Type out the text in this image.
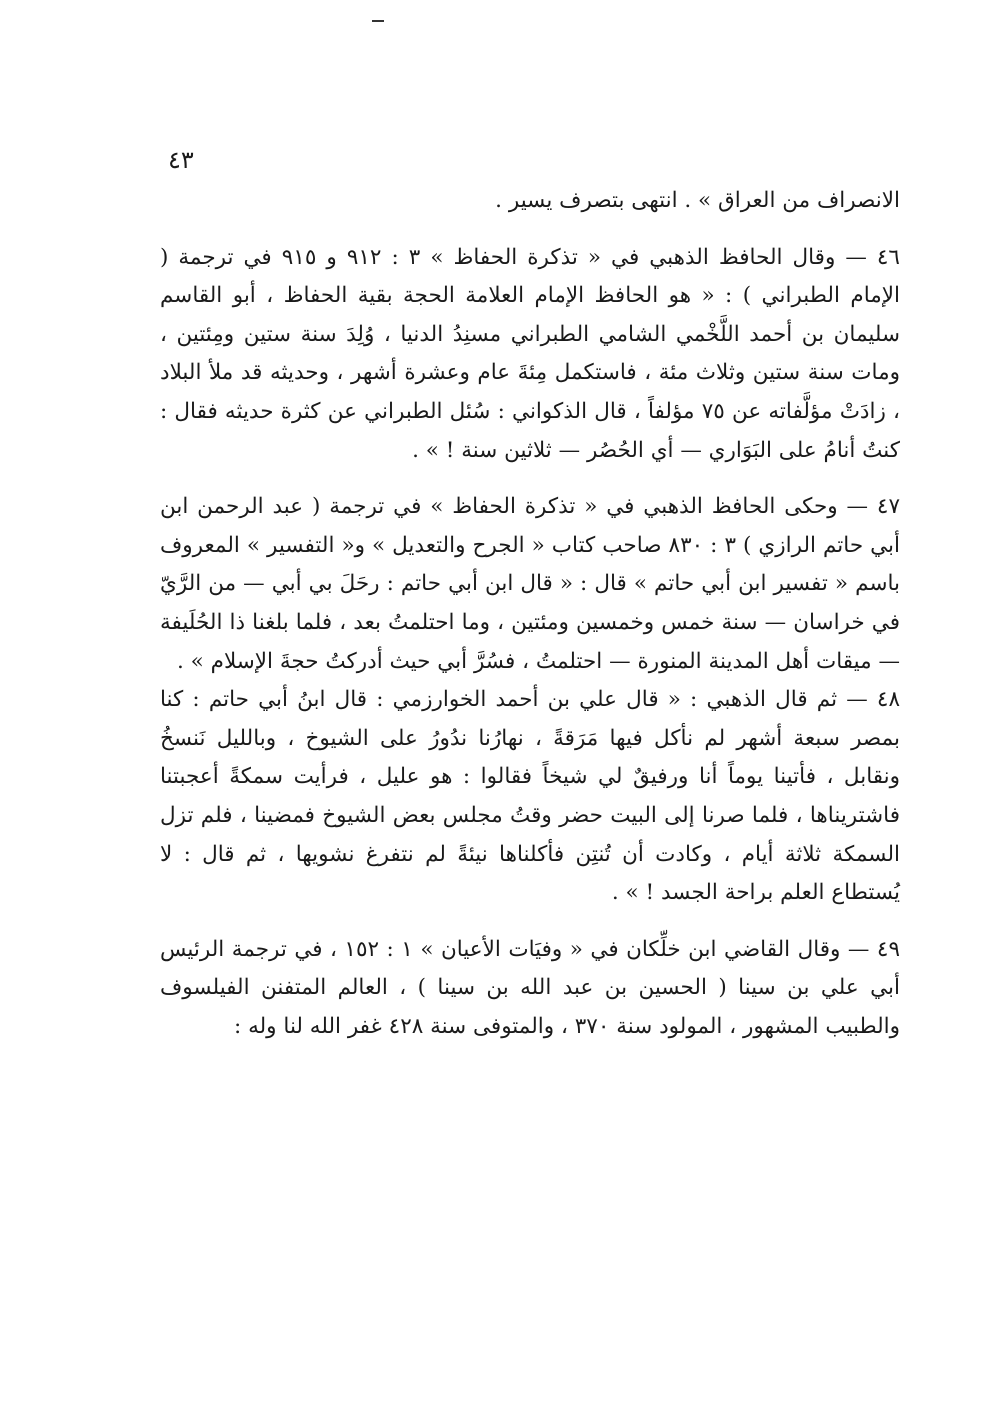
٤٣

الانصراف من العراق » . انتهى بتصرف يسير .

٤٦ — وقال الحافظ الذهبي في « تذكرة الحفاظ » ٣ : ٩١٢ و ٩١٥ في ترجمة ( الإمام الطبراني ) : « هو الحافظ الإمام العلامة الحجة بقية الحفاظ ، أبو القاسم سليمان بن أحمد اللَّخْمي الشامي الطبراني مسنِدُ الدنيا ، وُلِدَ سنة ستين ومِئتين ، ومات سنة ستين وثلاث مئة ، فاستكمل مِئةَ عام وعشرة أشهر ، وحديثه قد ملأ البلاد ، زادَتْ مؤلَّفاته عن ٧٥ مؤلفاً ، قال الذكواني : سُئل الطبراني عن كثرة حديثه فقال : كنتُ أنامُ على البَوَاري — أي الحُصُر — ثلاثين سنة ! » .

٤٧ — وحكى الحافظ الذهبي في « تذكرة الحفاظ » في ترجمة ( عبد الرحمن ابن أبي حاتم الرازي ) ٣ : ٨٣٠ صاحب كتاب « الجرح والتعديل » و« التفسير » المعروف باسم « تفسير ابن أبي حاتم » قال : « قال ابن أبي حاتم : رحَلَ بي أبي — من الرَّيّ في خراسان — سنة خمس وخمسين ومئتين ، وما احتلمتُ بعد ، فلما بلغنا ذا الحُلَيفة — ميقات أهل المدينة المنورة — احتلمتُ ، فسُرَّ أبي حيث أدركتُ حجةَ الإسلام » .

٤٨ — ثم قال الذهبي : « قال علي بن أحمد الخوارزمي : قال ابنُ أبي حاتم : كنا بمصر سبعة أشهر لم نأكل فيها مَرَقةً ، نهارُنا ندُورُ على الشيوخ ، وبالليل نَنسخُ ونقابل ، فأتينا يوماً أنا ورفيقٌ لي شيخاً فقالوا : هو عليل ، فرأيت سمكةً أعجبتنا فاشتريناها ، فلما صرنا إلى البيت حضر وقتُ مجلس بعض الشيوخ فمضينا ، فلم تزل السمكة ثلاثة أيام ، وكادت أن تُنتِن فأكلناها نيئةً لم نتفرغ نشويها ، ثم قال : لا يُستطاع العلم براحة الجسد ! » .

٤٩ — وقال القاضي ابن خلِّكان في « وفيَات الأعيان » ١ : ١٥٢ ، في ترجمة الرئيس أبي علي بن سينا ( الحسين بن عبد الله بن سينا ) ، العالم المتفنن الفيلسوف والطبيب المشهور ، المولود سنة ٣٧٠ ، والمتوفى سنة ٤٢٨ غفر الله لنا وله :
